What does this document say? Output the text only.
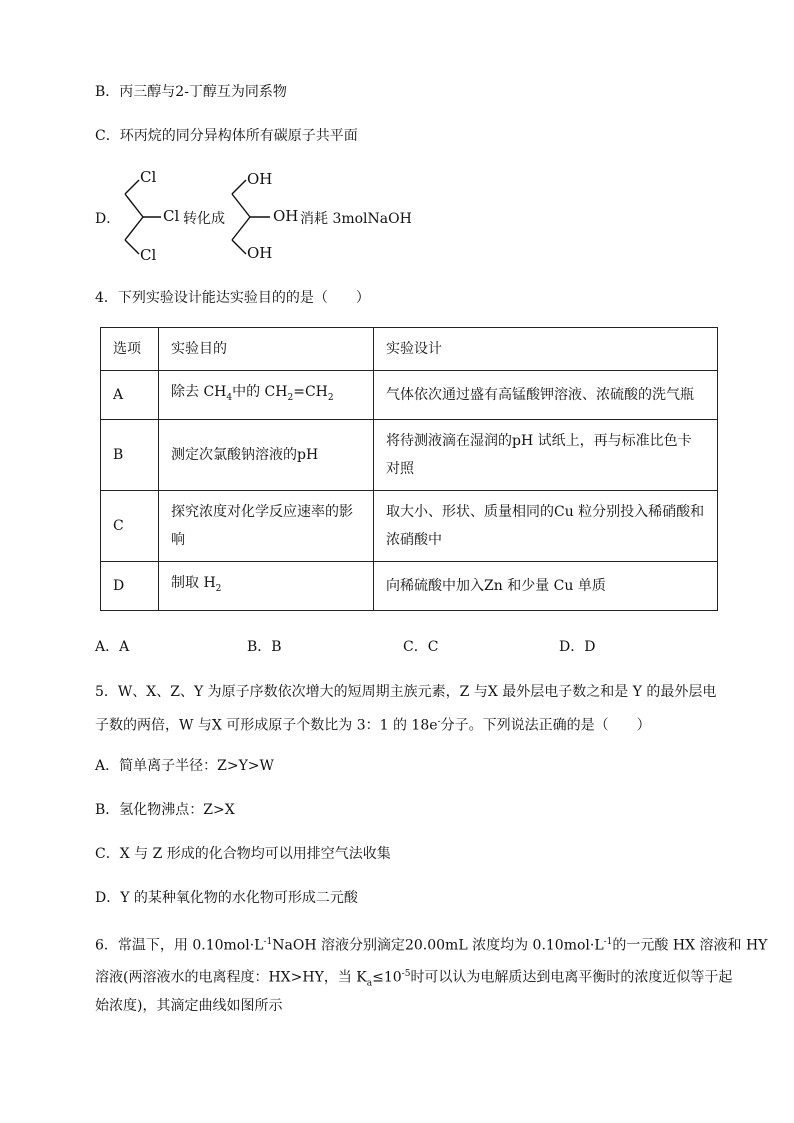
B．丙三醇与2-丁醇互为同系物
C．环丙烷的同分异构体所有碳原子共平面
D．
Cl
Cl
Cl
转化成
OH
OH 消耗 3molNaOH
OH
4．下列实验设计能达实验目的的是（　　）
选项	实验目的	实验设计
A	除去 $CH_4$中的 $CH_2=CH_2$	气体依次通过盛有高锰酸钾溶液、浓硫酸的洗气瓶
B	测定次氯酸钠溶液的pH	将待测液滴在湿润的pH 试纸上，再与标准比色卡对照
C	探究浓度对化学反应速率的影响	取大小、形状、质量相同的Cu 粒分别投入稀硝酸和浓硝酸中
D	制取 $H_2$	向稀硫酸中加入Zn 和少量 Cu 单质
A．A	B．B	C．C	D．D
5．W、X、Z、Y 为原子序数依次增大的短周期主族元素，Z 与X 最外层电子数之和是 Y 的最外层电
子数的两倍，W 与X 可形成原子个数比为 3：1 的 18e-分子。下列说法正确的是（　　）
A．简单离子半径：Z>Y>W
B．氢化物沸点：Z>X
C．X 与 Z 形成的化合物均可以用排空气法收集
D．Y 的某种氧化物的水化物可形成二元酸
6．常温下，用 $0.10mol\cdot L^{-1}NaOH$ 溶液分别滴定20.00mL 浓度均为 $0.10mol\cdot L^{-1}$的一元酸 HX 溶液和 HY
溶液(两溶液水的电离程度：HX>HY，当 $K_a\le 10^{-5}$时可以认为电解质达到电离平衡时的浓度近似等于起
始浓度)，其滴定曲线如图所示
